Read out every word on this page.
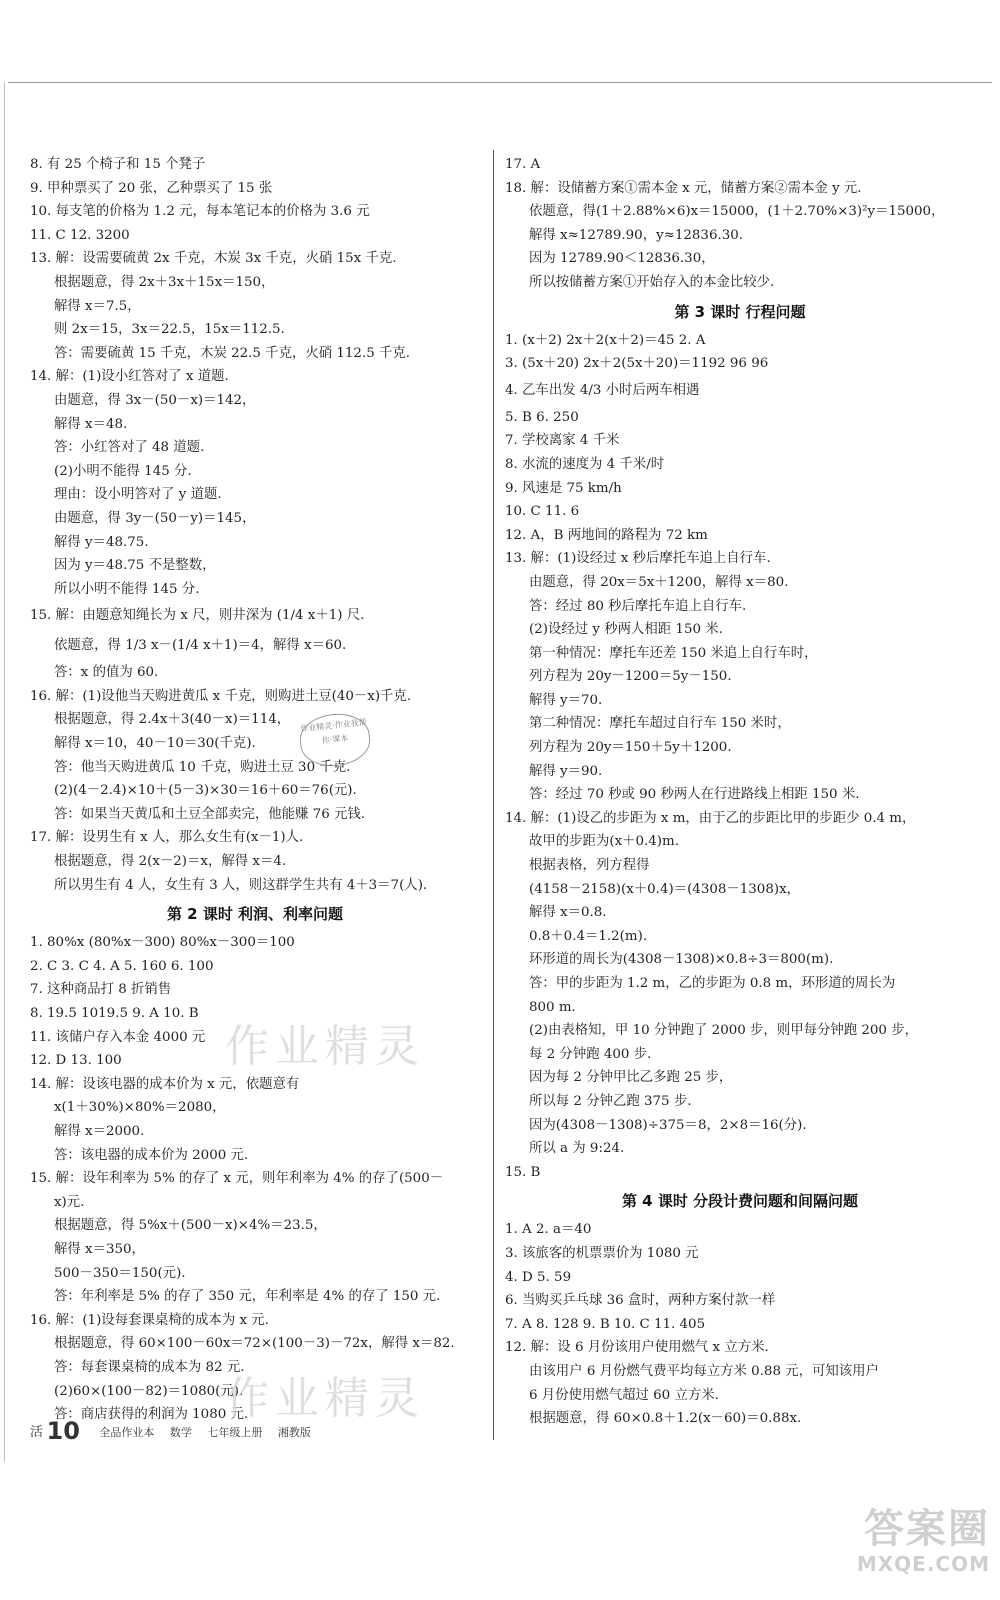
8. 有 25 个椅子和 15 个凳子
9. 甲种票买了 20 张，乙种票买了 15 张
10. 每支笔的价格为 1.2 元，每本笔记本的价格为 3.6 元
11. C 12. 3200
13. 解：设需要硫黄 2x 千克，木炭 3x 千克，火硝 15x 千克.
根据题意，得 2x＋3x＋15x＝150，
解得 x＝7.5，
则 2x＝15，3x＝22.5，15x＝112.5.
答：需要硫黄 15 千克，木炭 22.5 千克，火硝 112.5 千克.
14. 解：(1)设小红答对了 x 道题.
由题意，得 3x－(50－x)＝142，
解得 x＝48.
答：小红答对了 48 道题.
(2)小明不能得 145 分.
理由：设小明答对了 y 道题.
由题意，得 3y－(50－y)＝145，
解得 y＝48.75.
因为 y＝48.75 不是整数，
所以小明不能得 145 分.
15. 解：由题意知绳长为 x 尺，则井深为 (1/4 x＋1) 尺.
依题意，得 1/3 x－(1/4 x＋1)＝4，解得 x＝60.
答：x 的值为 60.
16. 解：(1)设他当天购进黄瓜 x 千克，则购进土豆(40－x)千克.
根据题意，得 2.4x＋3(40－x)＝114，
解得 x＝10，40－10＝30(千克).
答：他当天购进黄瓜 10 千克，购进土豆 30 千克.
(2)(4－2.4)×10＋(5－3)×30＝16＋60＝76(元).
答：如果当天黄瓜和土豆全部卖完，他能赚 76 元钱.
17. 解：设男生有 x 人，那么女生有(x－1)人.
根据题意，得 2(x－2)＝x，解得 x＝4.
所以男生有 4 人，女生有 3 人，则这群学生共有 4＋3＝7(人).
第 2 课时 利润、利率问题
1. 80%x (80%x－300) 80%x－300＝100
2. C 3. C 4. A 5. 160 6. 100
7. 这种商品打 8 折销售
8. 19.5 1019.5 9. A 10. B
11. 该储户存入本金 4000 元
12. D 13. 100
14. 解：设该电器的成本价为 x 元，依题意有
x(1＋30%)×80%＝2080，
解得 x＝2000.
答：该电器的成本价为 2000 元.
15. 解：设年利率为 5% 的存了 x 元，则年利率为 4% 的存了(500－
x)元.
根据题意，得 5%x＋(500－x)×4%＝23.5，
解得 x＝350，
500－350＝150(元).
答：年利率是 5% 的存了 350 元，年利率是 4% 的存了 150 元.
16. 解：(1)设每套课桌椅的成本为 x 元.
根据题意，得 60×100－60x＝72×(100－3)－72x，解得 x＝82.
答：每套课桌椅的成本为 82 元.
(2)60×(100－82)＝1080(元).
答：商店获得的利润为 1080 元.
17. A
18. 解：设储蓄方案①需本金 x 元，储蓄方案②需本金 y 元.
依题意，得(1＋2.88%×6)x＝15000，(1＋2.70%×3)²y＝15000，
解得 x≈12789.90，y≈12836.30.
因为 12789.90＜12836.30，
所以按储蓄方案①开始存入的本金比较少.
第 3 课时 行程问题
1. (x＋2) 2x＋2(x＋2)＝45 2. A
3. (5x＋20) 2x＋2(5x＋20)＝1192 96 96
4. 乙车出发 4/3 小时后两车相遇
5. B 6. 250
7. 学校离家 4 千米
8. 水流的速度为 4 千米/时
9. 风速是 75 km/h
10. C 11. 6
12. A，B 两地间的路程为 72 km
13. 解：(1)设经过 x 秒后摩托车追上自行车.
由题意，得 20x＝5x＋1200，解得 x＝80.
答：经过 80 秒后摩托车追上自行车.
(2)设经过 y 秒两人相距 150 米.
第一种情况：摩托车还差 150 米追上自行车时，
列方程为 20y－1200＝5y－150.
解得 y＝70.
第二种情况：摩托车超过自行车 150 米时，
列方程为 20y＝150＋5y＋1200.
解得 y＝90.
答：经过 70 秒或 90 秒两人在行进路线上相距 150 米.
14. 解：(1)设乙的步距为 x m，由于乙的步距比甲的步距少 0.4 m，
故甲的步距为(x＋0.4)m.
根据表格，列方程得
(4158－2158)(x＋0.4)＝(4308－1308)x，
解得 x＝0.8.
0.8＋0.4＝1.2(m).
环形道的周长为(4308－1308)×0.8÷3＝800(m).
答：甲的步距为 1.2 m，乙的步距为 0.8 m，环形道的周长为
800 m.
(2)由表格知，甲 10 分钟跑了 2000 步，则甲每分钟跑 200 步，
每 2 分钟跑 400 步.
因为每 2 分钟甲比乙多跑 25 步，
所以每 2 分钟乙跑 375 步.
因为(4308－1308)÷375＝8，2×8＝16(分).
所以 a 为 9:24.
15. B
第 4 课时 分段计费问题和间隔问题
1. A 2. a＝40
3. 该旅客的机票票价为 1080 元
4. D 5. 59
6. 当购买乒乓球 36 盒时，两种方案付款一样
7. A 8. 128 9. B 10. C 11. 405
12. 解：设 6 月份该用户使用燃气 x 立方米.
由该用户 6 月份燃气费平均每立方米 0.88 元，可知该用户
6 月份使用燃气超过 60 立方米.
根据题意，得 60×0.8＋1.2(x－60)＝0.88x.
作业精灵·作业我帮你·课本
作业精灵
作业精灵
活 10 全品作业本 数学 七年级上册 湘教版
答案圈
MXQE.COM
